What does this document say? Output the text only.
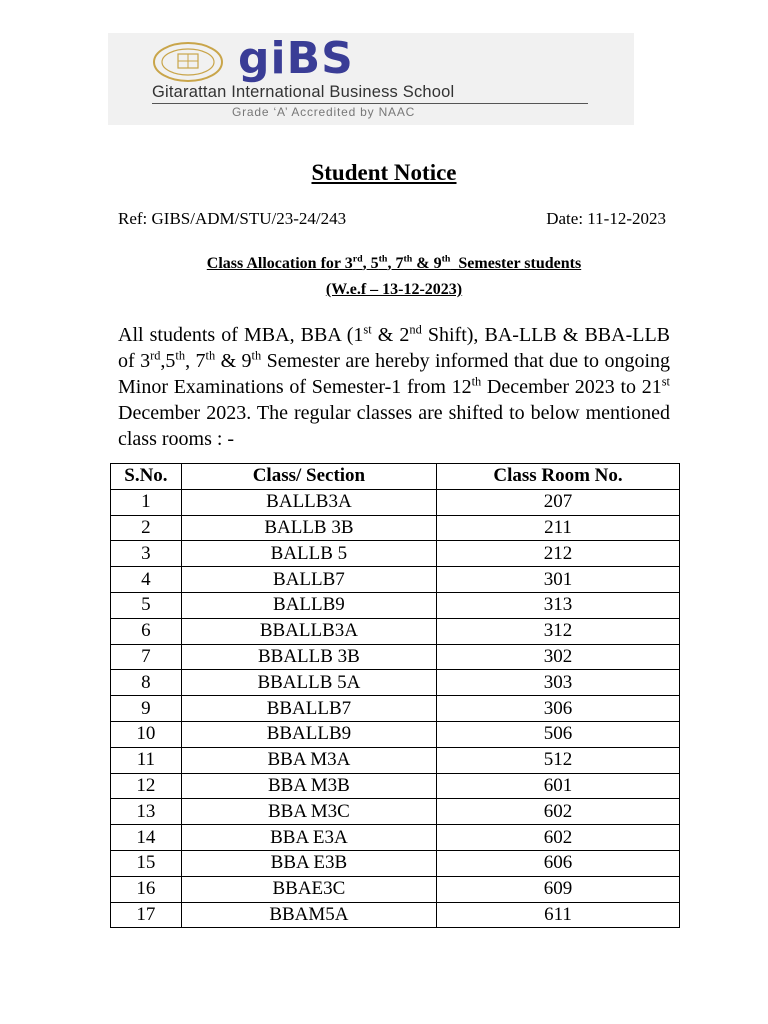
giBS
Gitarattan International Business School
Grade ‘A’ Accredited by NAAC
Student Notice
Ref: GIBS/ADM/STU/23-24/243	Date: 11-12-2023
Class Allocation for 3rd, 5th, 7th & 9th  Semester students
(W.e.f – 13-12-2023)
All students of MBA, BBA (1st & 2nd Shift), BA-LLB & BBA-LLB of 3rd,5th, 7th & 9th Semester are hereby informed that due to ongoing Minor Examinations of Semester-1 from 12th December 2023 to 21st December 2023. The regular classes are shifted to below mentioned class rooms : -
S.No.	Class/ Section	Class Room No.
1	BALLB3A	207
2	BALLB 3B	211
3	BALLB 5	212
4	BALLB7	301
5	BALLB9	313
6	BBALLB3A	312
7	BBALLB 3B	302
8	BBALLB 5A	303
9	BBALLB7	306
10	BBALLB9	506
11	BBA M3A	512
12	BBA M3B	601
13	BBA M3C	602
14	BBA E3A	602
15	BBA E3B	606
16	BBAE3C	609
17	BBAM5A	611
